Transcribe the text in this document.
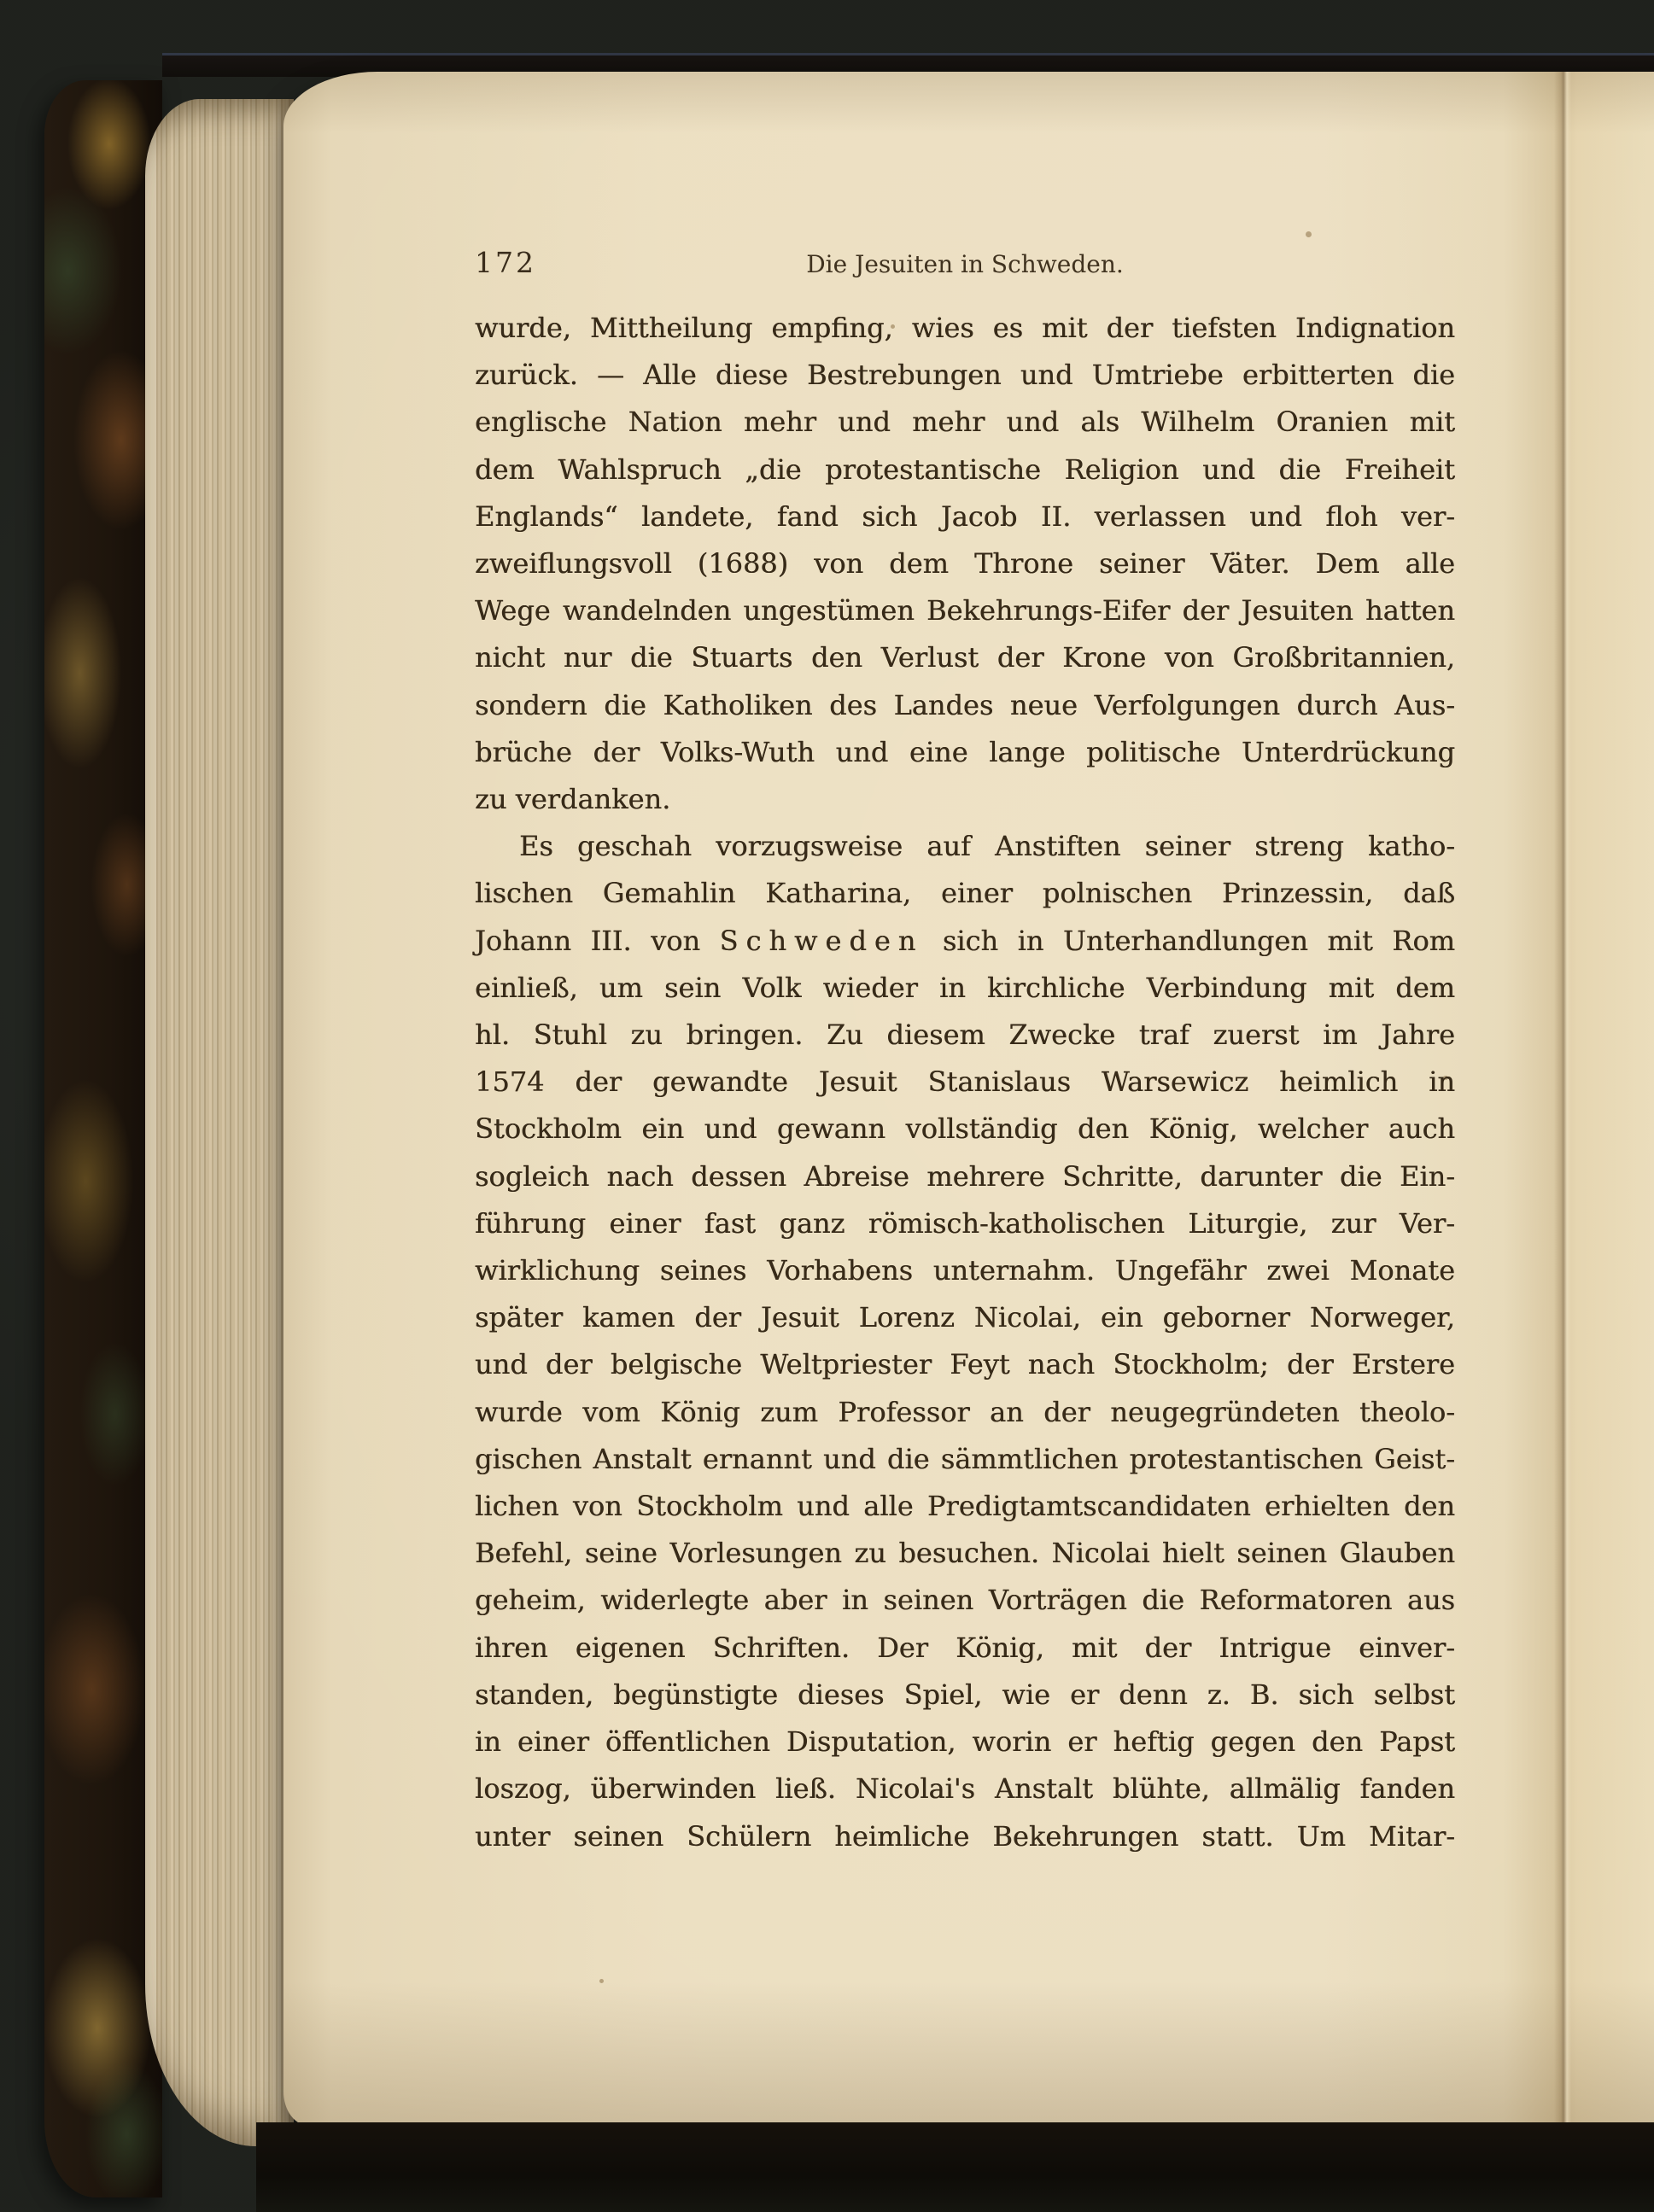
172	Die Jesuiten in Schweden.
wurde, Mittheilung empfing, wies es mit der tiefsten Indignation
zurück. — Alle diese Bestrebungen und Umtriebe erbitterten die
englische Nation mehr und mehr und als Wilhelm Oranien mit
dem Wahlspruch „die protestantische Religion und die Freiheit
Englands“ landete, fand sich Jacob II. verlassen und floh ver-
zweiflungsvoll (1688) von dem Throne seiner Väter. Dem alle
Wege wandelnden ungestümen Bekehrungs-Eifer der Jesuiten hatten
nicht nur die Stuarts den Verlust der Krone von Großbritannien,
sondern die Katholiken des Landes neue Verfolgungen durch Aus-
brüche der Volks-Wuth und eine lange politische Unterdrückung
zu verdanken.
Es geschah vorzugsweise auf Anstiften seiner streng katho-
lischen Gemahlin Katharina, einer polnischen Prinzessin, daß
Johann III. von Schweden sich in Unterhandlungen mit Rom
einließ, um sein Volk wieder in kirchliche Verbindung mit dem
hl. Stuhl zu bringen. Zu diesem Zwecke traf zuerst im Jahre
1574 der gewandte Jesuit Stanislaus Warsewicz heimlich in
Stockholm ein und gewann vollständig den König, welcher auch
sogleich nach dessen Abreise mehrere Schritte, darunter die Ein-
führung einer fast ganz römisch-katholischen Liturgie, zur Ver-
wirklichung seines Vorhabens unternahm. Ungefähr zwei Monate
später kamen der Jesuit Lorenz Nicolai, ein geborner Norweger,
und der belgische Weltpriester Feyt nach Stockholm; der Erstere
wurde vom König zum Professor an der neugegründeten theolo-
gischen Anstalt ernannt und die sämmtlichen protestantischen Geist-
lichen von Stockholm und alle Predigtamtscandidaten erhielten den
Befehl, seine Vorlesungen zu besuchen. Nicolai hielt seinen Glauben
geheim, widerlegte aber in seinen Vorträgen die Reformatoren aus
ihren eigenen Schriften. Der König, mit der Intrigue einver-
standen, begünstigte dieses Spiel, wie er denn z. B. sich selbst
in einer öffentlichen Disputation, worin er heftig gegen den Papst
loszog, überwinden ließ. Nicolai's Anstalt blühte, allmälig fanden
unter seinen Schülern heimliche Bekehrungen statt. Um Mitar-
